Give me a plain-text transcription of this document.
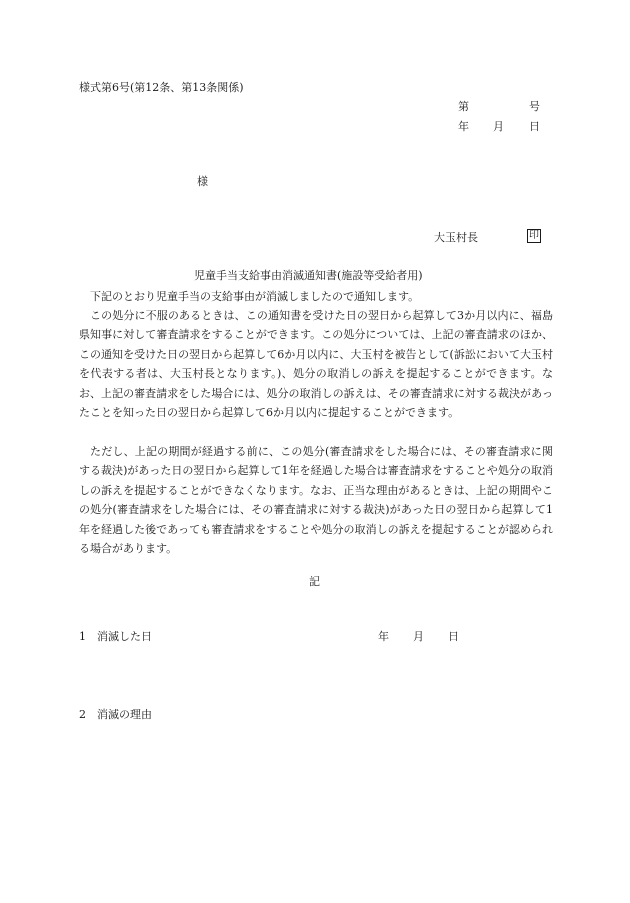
様式第6号(第12条、第13条関係)
第	号
年 月 日
様
大玉村長	印
児童手当支給事由消滅通知書(施設等受給者用)

下記のとおり児童手当の支給事由が消滅しましたので通知します。

この処分に不服のあるときは、この通知書を受けた日の翌日から起算して3か月以内に、福島県知事に対して審査請求をすることができます。この処分については、上記の審査請求のほか、この通知を受けた日の翌日から起算して6か月以内に、大玉村を被告として(訴訟において大玉村を代表する者は、大玉村長となります。)、処分の取消しの訴えを提起することができます。なお、上記の審査請求をした場合には、処分の取消しの訴えは、その審査請求に対する裁決があったことを知った日の翌日から起算して6か月以内に提起することができます。

ただし、上記の期間が経過する前に、この処分(審査請求をした場合には、その審査請求に関する裁決)があった日の翌日から起算して1年を経過した場合は審査請求をすることや処分の取消しの訴えを提起することができなくなります。なお、正当な理由があるときは、上記の期間やこの処分(審査請求をした場合には、その審査請求に対する裁決)があった日の翌日から起算して1年を経過した後であっても審査請求をすることや処分の取消しの訴えを提起することが認められる場合があります。

記
1 消滅した日	年 月 日
2 消滅の理由
